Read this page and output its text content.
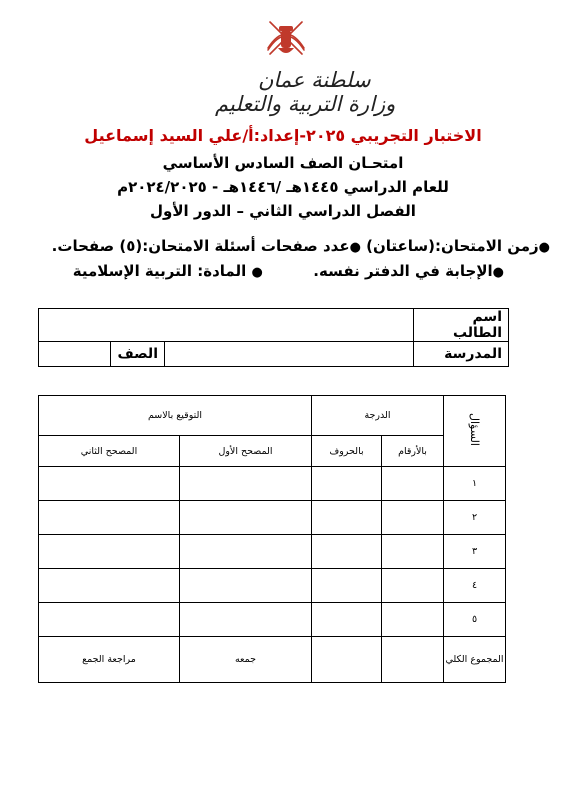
سلطنة عمان
وزارة التربية والتعليم
الاختبار التجريبي ٢٠٢٥-إعداد:أ/علي السيد إسماعيل
امتحـان الصف السادس الأساسي
للعام الدراسي ١٤٤٥هـ /١٤٤٦هـ - ٢٠٢٤/٢٠٢٥م
الفصل الدراسي الثاني – الدور الأول
●زمن الامتحان:(ساعتان) ●عدد صفحات أسئلة الامتحان:(٥) صفحات.
●الإجابة في الدفتر نفسه.  ● المادة: التربية الإسلامية
اسم الطالب			
المدرسة		الصف	
السؤال	الدرجة		التوقيع بالاسم	
	بالأرقام	بالحروف	المصحح الأول	المصحح الثاني
١				
٢				
٣				
٤				
٥				
المجموع الكلي			جمعه	مراجعة الجمع
